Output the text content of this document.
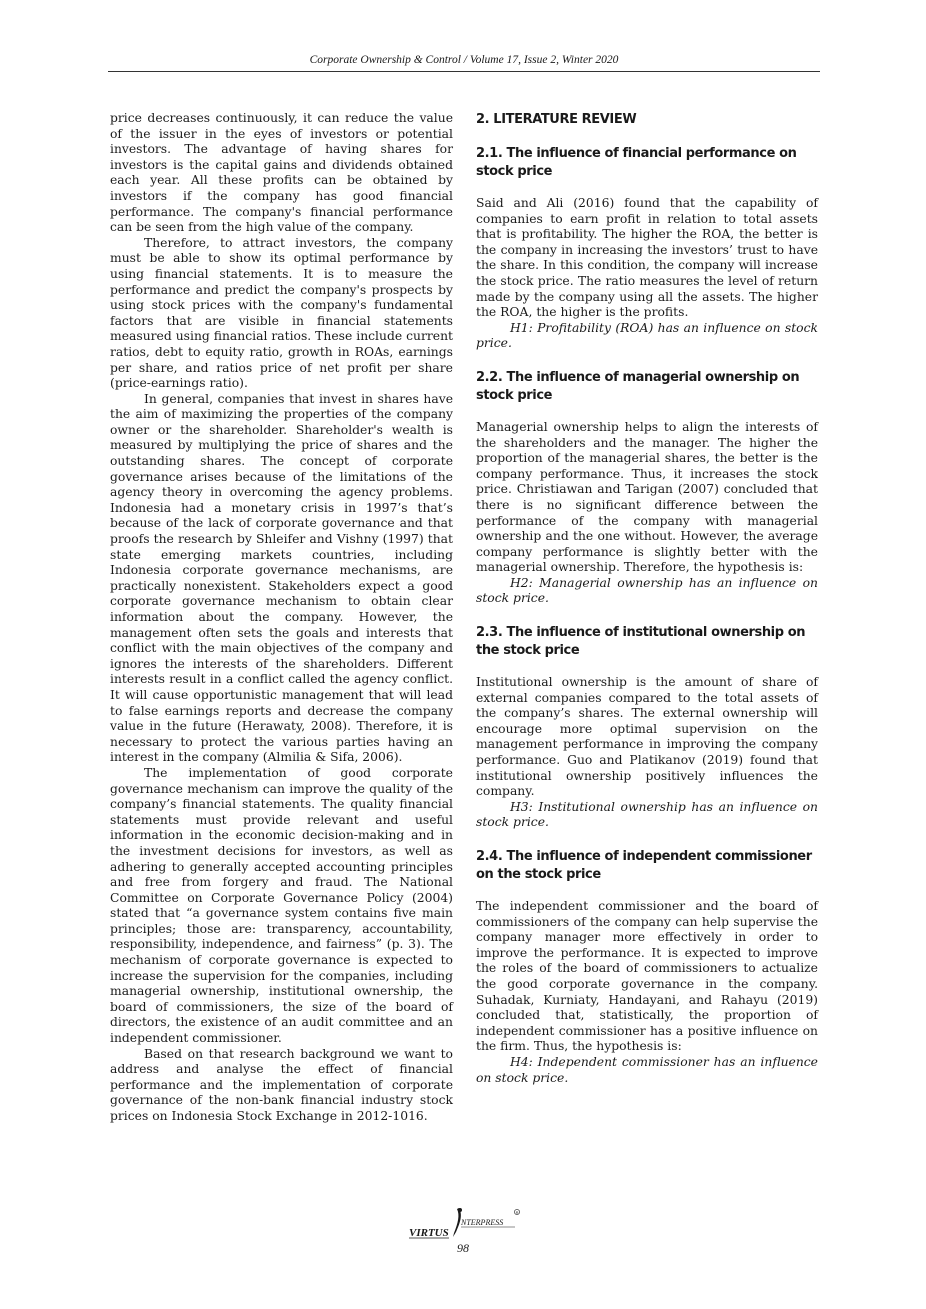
Corporate Ownership & Control / Volume 17, Issue 2, Winter 2020

price decreases continuously, it can reduce the value of the issuer in the eyes of investors or potential investors. The advantage of having shares for investors is the capital gains and dividends obtained each year. All these profits can be obtained by investors if the company has good financial performance. The company's financial performance can be seen from the high value of the company.

Therefore, to attract investors, the company must be able to show its optimal performance by using financial statements. It is to measure the performance and predict the company's prospects by using stock prices with the company's fundamental factors that are visible in financial statements measured using financial ratios. These include current ratios, debt to equity ratio, growth in ROAs, earnings per share, and ratios price of net profit per share (price-earnings ratio).

In general, companies that invest in shares have the aim of maximizing the properties of the company owner or the shareholder. Shareholder's wealth is measured by multiplying the price of shares and the outstanding shares. The concept of corporate governance arises because of the limitations of the agency theory in overcoming the agency problems. Indonesia had a monetary crisis in 1997’s that’s because of the lack of corporate governance and that proofs the research by Shleifer and Vishny (1997) that state emerging markets countries, including Indonesia corporate governance mechanisms, are practically nonexistent. Stakeholders expect a good corporate governance mechanism to obtain clear information about the company. However, the management often sets the goals and interests that conflict with the main objectives of the company and ignores the interests of the shareholders. Different interests result in a conflict called the agency conflict. It will cause opportunistic management that will lead to false earnings reports and decrease the company value in the future (Herawaty, 2008). Therefore, it is necessary to protect the various parties having an interest in the company (Almilia & Sifa, 2006).

The implementation of good corporate governance mechanism can improve the quality of the company’s financial statements. The quality financial statements must provide relevant and useful information in the economic decision-making and in the investment decisions for investors, as well as adhering to generally accepted accounting principles and free from forgery and fraud. The National Committee on Corporate Governance Policy (2004) stated that “a governance system contains five main principles; those are: transparency, accountability, responsibility, independence, and fairness” (p. 3). The mechanism of corporate governance is expected to increase the supervision for the companies, including managerial ownership, institutional ownership, the board of commissioners, the size of the board of directors, the existence of an audit committee and an independent commissioner.

Based on that research background we want to address and analyse the effect of financial performance and the implementation of corporate governance of the non-bank financial industry stock prices on Indonesia Stock Exchange in 2012-1016.

2. LITERATURE REVIEW
2.1. The influence of financial performance on stock price

Said and Ali (2016) found that the capability of companies to earn profit in relation to total assets that is profitability. The higher the ROA, the better is the company in increasing the investors’ trust to have the share. In this condition, the company will increase the stock price. The ratio measures the level of return made by the company using all the assets. The higher the ROA, the higher is the profits.

H1: Profitability (ROA) has an influence on stock price.

2.2. The influence of managerial ownership on stock price

Managerial ownership helps to align the interests of the shareholders and the manager. The higher the proportion of the managerial shares, the better is the company performance. Thus, it increases the stock price. Christiawan and Tarigan (2007) concluded that there is no significant difference between the performance of the company with managerial ownership and the one without. However, the average company performance is slightly better with the managerial ownership. Therefore, the hypothesis is:

H2: Managerial ownership has an influence on stock price.

2.3. The influence of institutional ownership on the stock price

Institutional ownership is the amount of share of external companies compared to the total assets of the company’s shares. The external ownership will encourage more optimal supervision on the management performance in improving the company performance. Guo and Platikanov (2019) found that institutional ownership positively influences the company.

H3: Institutional ownership has an influence on stock price.

2.4. The influence of independent commissioner on the stock price

The independent commissioner and the board of commissioners of the company can help supervise the company manager more effectively in order to improve the performance. It is expected to improve the roles of the board of commissioners to actualize the good corporate governance in the company. Suhadak, Kurniaty, Handayani, and Rahayu (2019) concluded that, statistically, the proportion of independent commissioner has a positive influence on the firm. Thus, the hypothesis is:

H4: Independent commissioner has an influence on stock price.

VIRTUS
NTERPRESS
R
98
